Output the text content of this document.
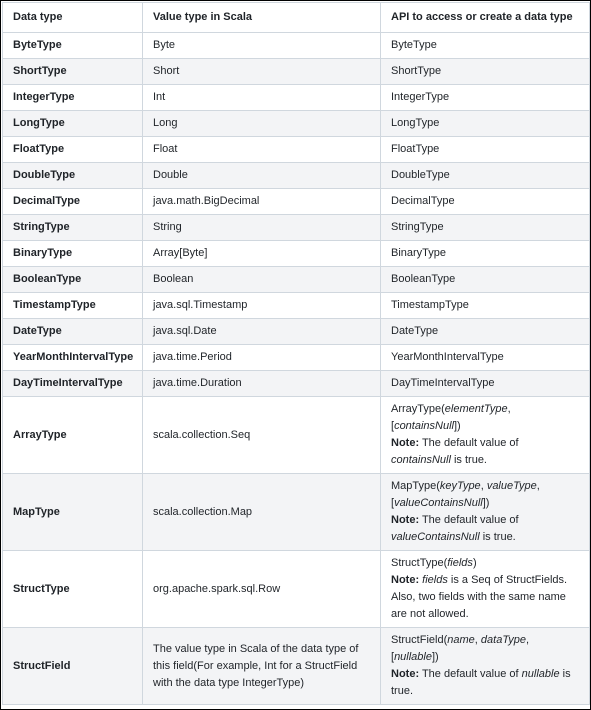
Data type	Value type in Scala	API to access or create a data type
ByteType	Byte	ByteType
ShortType	Short	ShortType
IntegerType	Int	IntegerType
LongType	Long	LongType
FloatType	Float	FloatType
DoubleType	Double	DoubleType
DecimalType	java.math.BigDecimal	DecimalType
StringType	String	StringType
BinaryType	Array[Byte]	BinaryType
BooleanType	Boolean	BooleanType
TimestampType	java.sql.Timestamp	TimestampType
DateType	java.sql.Date	DateType
YearMonthIntervalType	java.time.Period	YearMonthIntervalType
DayTimeIntervalType	java.time.Duration	DayTimeIntervalType
ArrayType	scala.collection.Seq	ArrayType(elementType,
[containsNull])
Note: The default value of
containsNull is true.
MapType	scala.collection.Map	MapType(keyType, valueType,
[valueContainsNull])
Note: The default value of
valueContainsNull is true.
StructType	org.apache.spark.sql.Row	StructType(fields)
Note: fields is a Seq of StructFields. Also, two fields with the same name are not allowed.
StructField	The value type in Scala of the data type of this field(For example, Int for a StructField with the data type IntegerType)	StructField(name, dataType,
[nullable])
Note: The default value of nullable is true.
